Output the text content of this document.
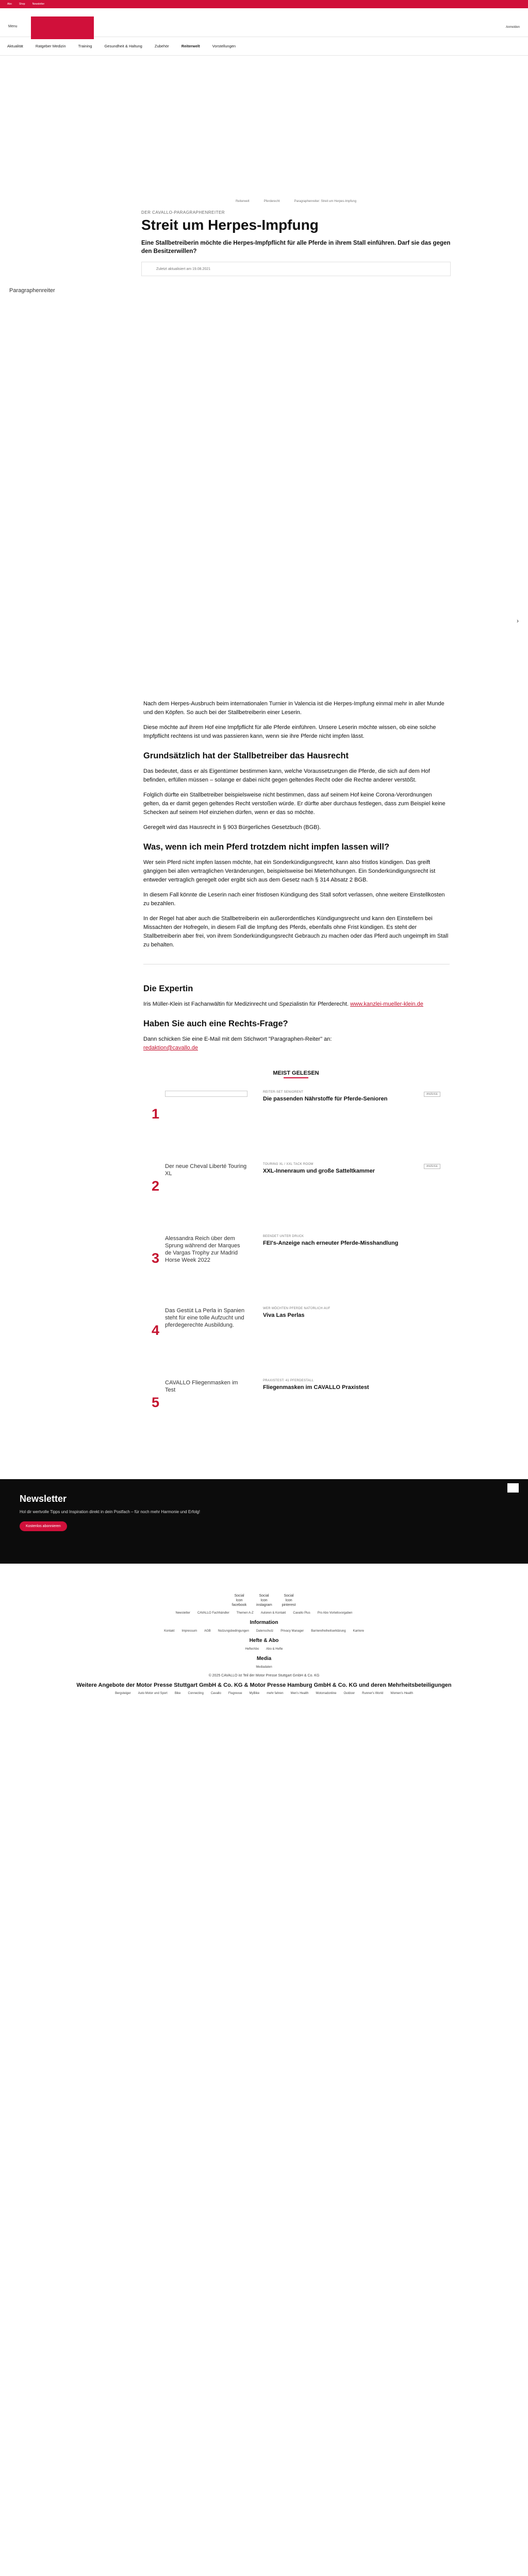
Abo	Shop	Newsletter
Menu	Anmelden
Aktualität	Ratgeber Medizin	Training	Gesundheit & Haltung	Zubehör	Reiterwelt	Vorstellungen
Reiterwelt	Pferderecht	Paragraphenreiter: Streit um Herpes-Impfung
DER CAVALLO-PARAGRAPHENREITER
Streit um Herpes-Impfung

Eine Stallbetreiberin möchte die Herpes-Impfpflicht für alle Pferde in ihrem Stall einführen. Darf sie das gegen den Besitzerwillen?

Zuletzt aktualisiert am 19.08.2021
Paragraphenreiter
›

Nach dem Herpes-Ausbruch beim internationalen Turnier in Valencia ist die Herpes-Impfung einmal mehr in aller Munde und den Köpfen. So auch bei der Stallbetreiberin einer Leserin.

Diese möchte auf ihrem Hof eine Impfpflicht für alle Pferde einführen. Unsere Leserin möchte wissen, ob eine solche Impfpflicht rechtens ist und was passieren kann, wenn sie ihre Pferde nicht impfen lässt.

Grundsätzlich hat der Stallbetreiber das Hausrecht

Das bedeutet, dass er als Eigentümer bestimmen kann, welche Voraussetzungen die Pferde, die sich auf dem Hof befinden, erfüllen müssen – solange er dabei nicht gegen geltendes Recht oder die Rechte anderer verstößt.

Folglich dürfte ein Stallbetreiber beispielsweise nicht bestimmen, dass auf seinem Hof keine Corona-Verordnungen gelten, da er damit gegen geltendes Recht verstoßen würde. Er dürfte aber durchaus festlegen, dass zum Beispiel keine Schecken auf seinem Hof einziehen dürfen, wenn er das so möchte.

Geregelt wird das Hausrecht in § 903 Bürgerliches Gesetzbuch (BGB).

Was, wenn ich mein Pferd trotzdem nicht impfen lassen will?

Wer sein Pferd nicht impfen lassen möchte, hat ein Sonderkündigungsrecht, kann also fristlos kündigen. Das greift gängigen bei allen vertraglichen Veränderungen, beispielsweise bei Mieterhöhungen. Ein Sonderkündigungsrecht ist entweder vertraglich geregelt oder ergibt sich aus dem Gesetz nach § 314 Absatz 2 BGB.

In diesem Fall könnte die Leserin nach einer fristlosen Kündigung des Stall sofort verlassen, ohne weitere Einstellkosten zu bezahlen.

In der Regel hat aber auch die Stallbetreiberin ein außerordentliches Kündigungsrecht und kann den Einstellern bei Missachten der Hofregeln, in diesem Fall die Impfung des Pferds, ebenfalls ohne Frist kündigen. Es steht der Stallbetreiberin aber frei, von ihrem Sonderkündigungsrecht Gebrauch zu machen oder das Pferd auch ungeimpft im Stall zu behalten.

Die Expertin

Iris Müller-Klein ist Fachanwältin für Medizinrecht und Spezialistin für Pferderecht. www.kanzlei-mueller-klein.de

Haben Sie auch eine Rechts-Frage?

Dann schicken Sie eine E-Mail mit dem Stichwort "Paragraphen-Reiter" an:
redaktion@cavallo.de

MEIST GELESEN
1
REITER-SET SENIORENT
Die passenden Nährstoffe für Pferde-Senioren
ANZEIGE
2
Der neue Cheval Liberté Touring XL
TOURING XL / XXL TACK ROOM
XXL-Innenraum und große Satteltkammer
ANZEIGE
3
Alessandra Reich über dem Sprung während der Marques de Vargas Trophy zur Madrid Horse Week 2022
BEENDET UNTER DRUCK
FEI's-Anzeige nach erneuter Pferde-Misshandlung
4
Das Gestüt La Perla in Spanien steht für eine tolle Aufzucht und pferdegerechte Ausbildung.
WER MÖCHTEN PFERDE NATÜRLICH AUF
Viva Las Perlas
5
CAVALLO Fliegenmasken im Test
PRAXISTEST: 41 PFERDESTALL
Fliegenmasken im CAVALLO Praxistest
Newsletter
Hol dir wertvolle Tipps und Inspiration direkt in dein Postfach – für noch mehr Harmonie und Erfolg!
Kostenlos abonnieren
Social Icon facebook
Social Icon instagram
Social Icon pinterest
Newsletter CAVALLO Fachhändler Themen A-Z Autoren & Kontakt Cavallo Plus Pro Abo Vorteilsvorgaben
Information
Kontakt Impressum AGB Nutzungsbedingungen Datenschutz Privacy Manager Barrierefreiheitserklärung Karriere
Hefte & Abo
Hefte/Abo Abo & Hefte
Media
Mediadaten
© 2025 CAVALLO ist Teil der Motor Presse Stuttgart GmbH & Co. KG
Weitere Angebote der Motor Presse Stuttgart GmbH & Co. KG & Motor Presse Hamburg GmbH & Co. KG und deren Mehrheitsbeteiligungen
Bergsteiger Auto Motor und Sport Bike Connecting Cavallo Flugrevue MyBike mehr fahren Men's Health Motorradonline Outdoor Runner's World Women's Health
